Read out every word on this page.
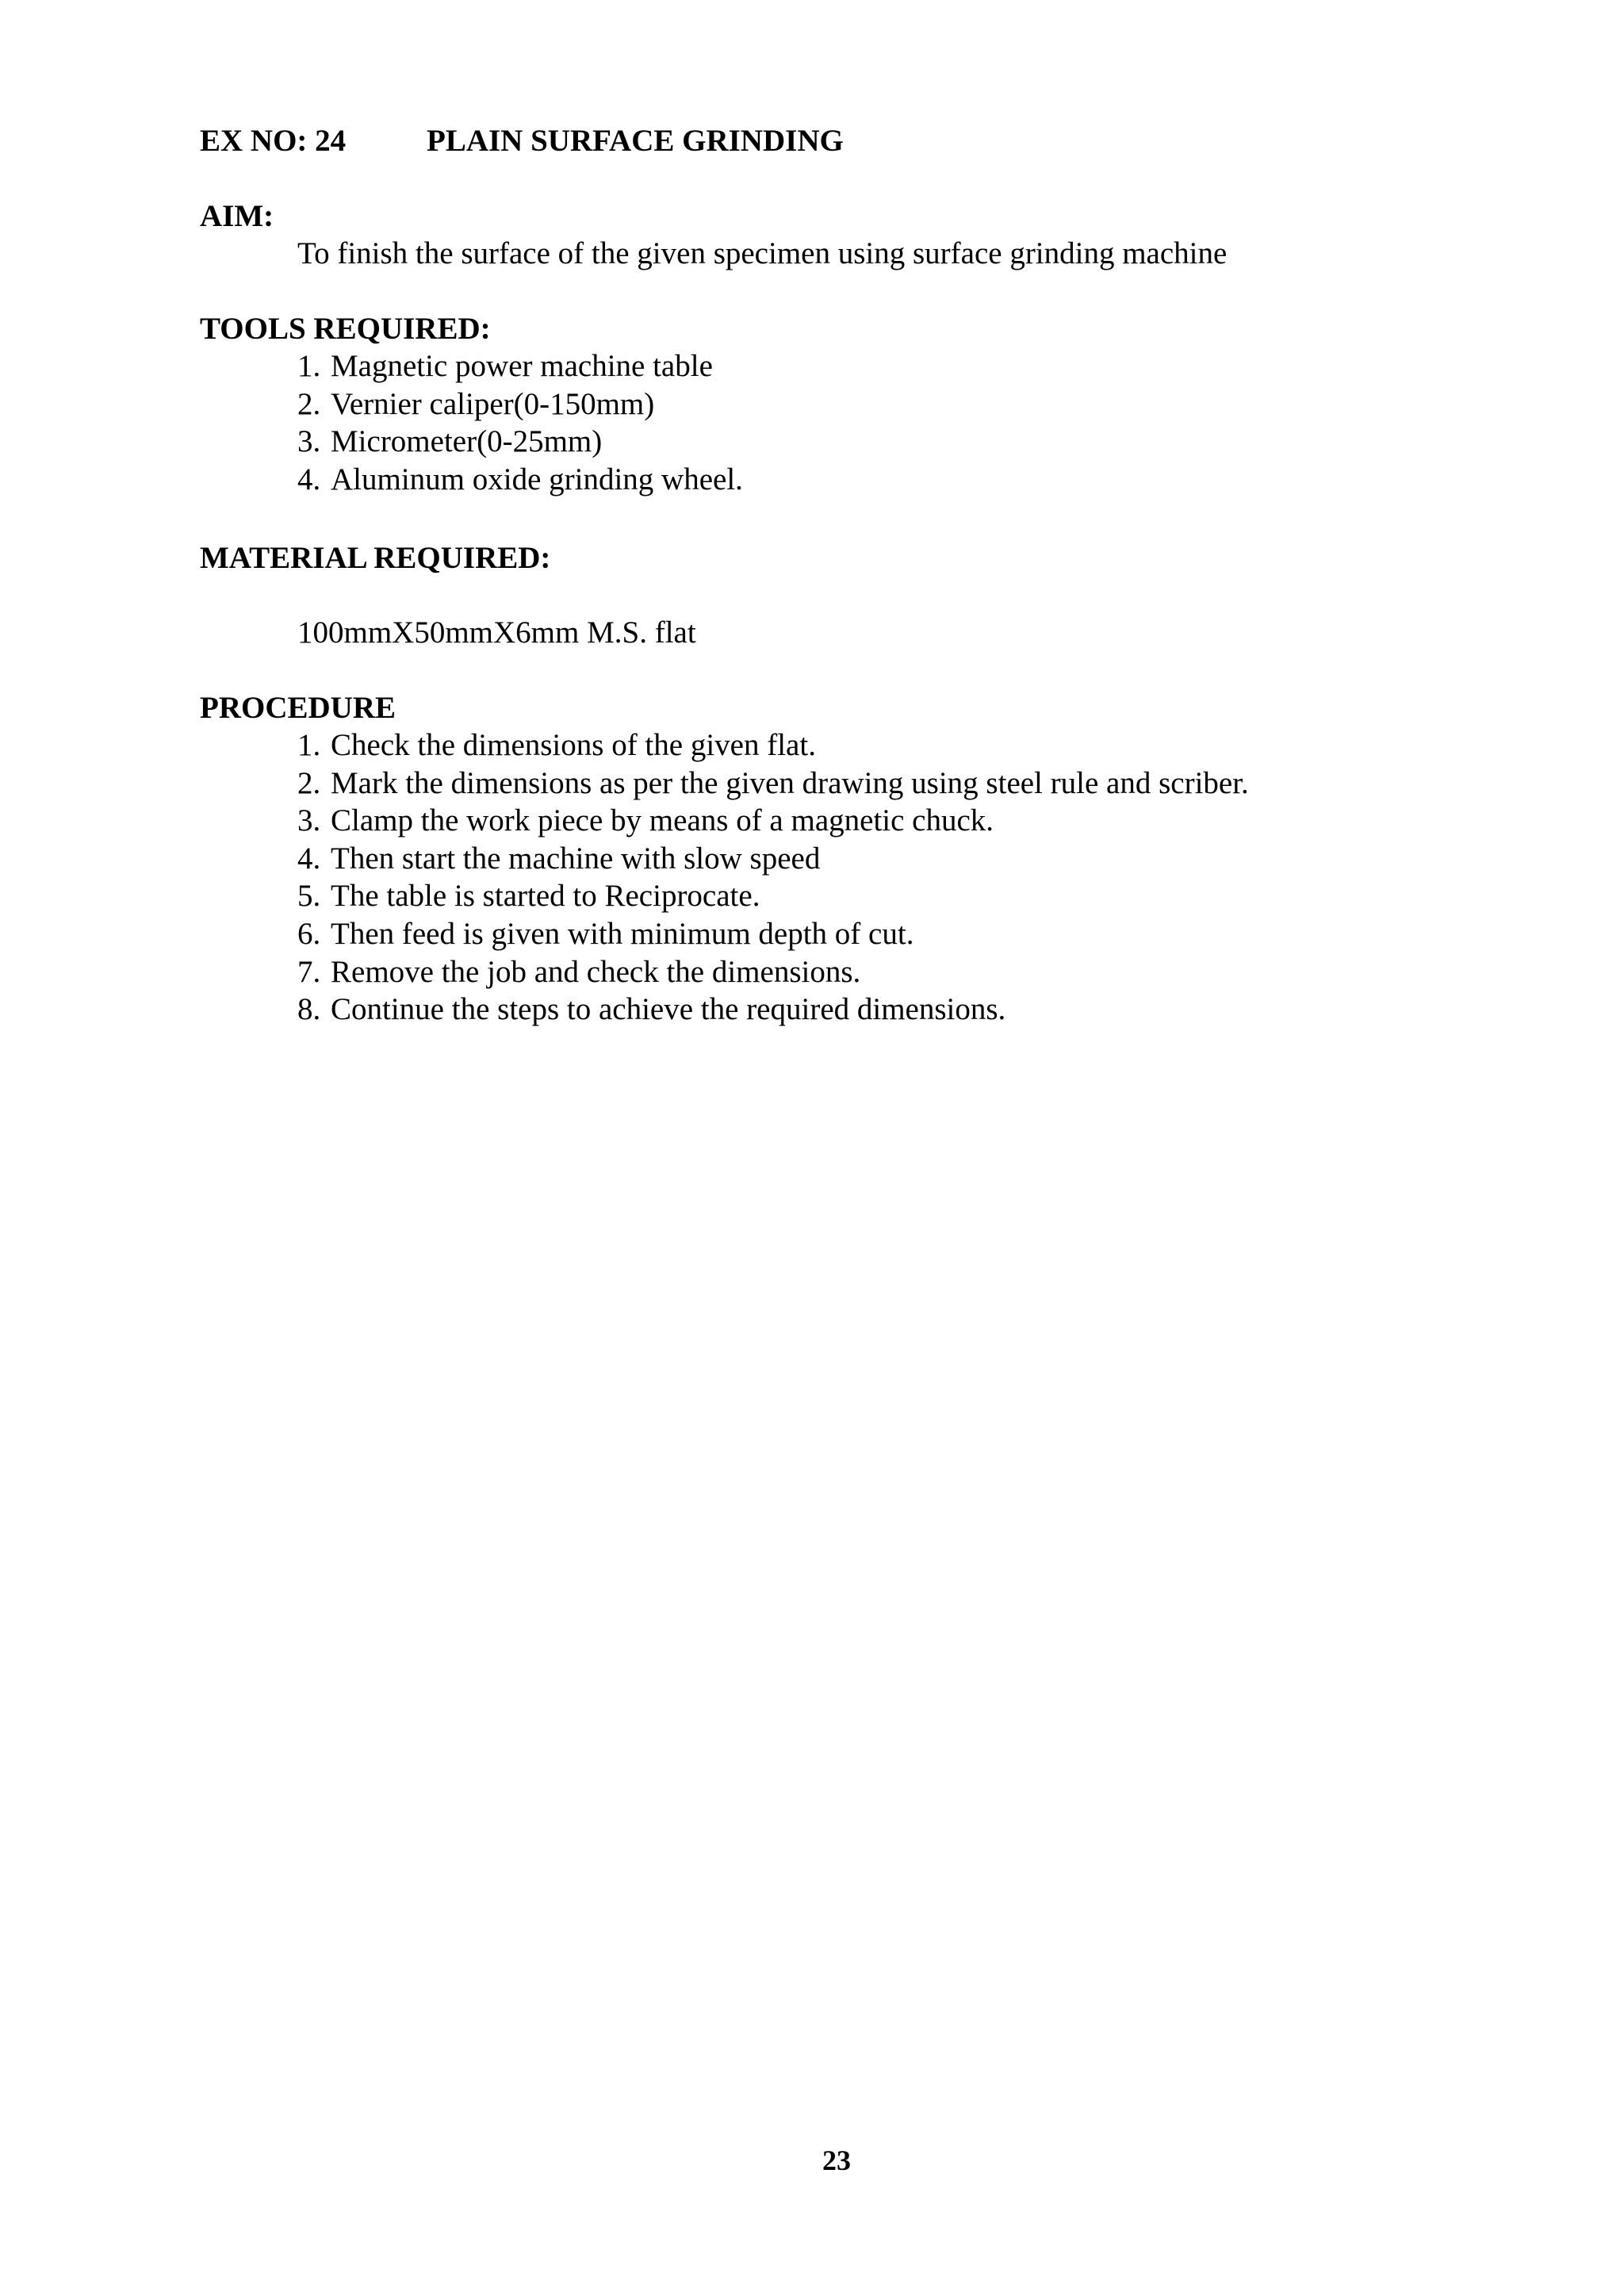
EX NO: 24	PLAIN SURFACE GRINDING
AIM:
To finish the surface of the given specimen using surface grinding machine
TOOLS REQUIRED:
1. Magnetic power machine table
2. Vernier caliper(0-150mm)
3. Micrometer(0-25mm)
4. Aluminum oxide grinding wheel.
MATERIAL REQUIRED:
100mmX50mmX6mm M.S. flat
PROCEDURE
1. Check the dimensions of the given flat.
2. Mark the dimensions as per the given drawing using steel rule and scriber.
3. Clamp the work piece by means of a magnetic chuck.
4. Then start the machine with slow speed
5. The table is started to Reciprocate.
6. Then feed is given with minimum depth of cut.
7. Remove the job and check the dimensions.
8. Continue the steps to achieve the required dimensions.
23
